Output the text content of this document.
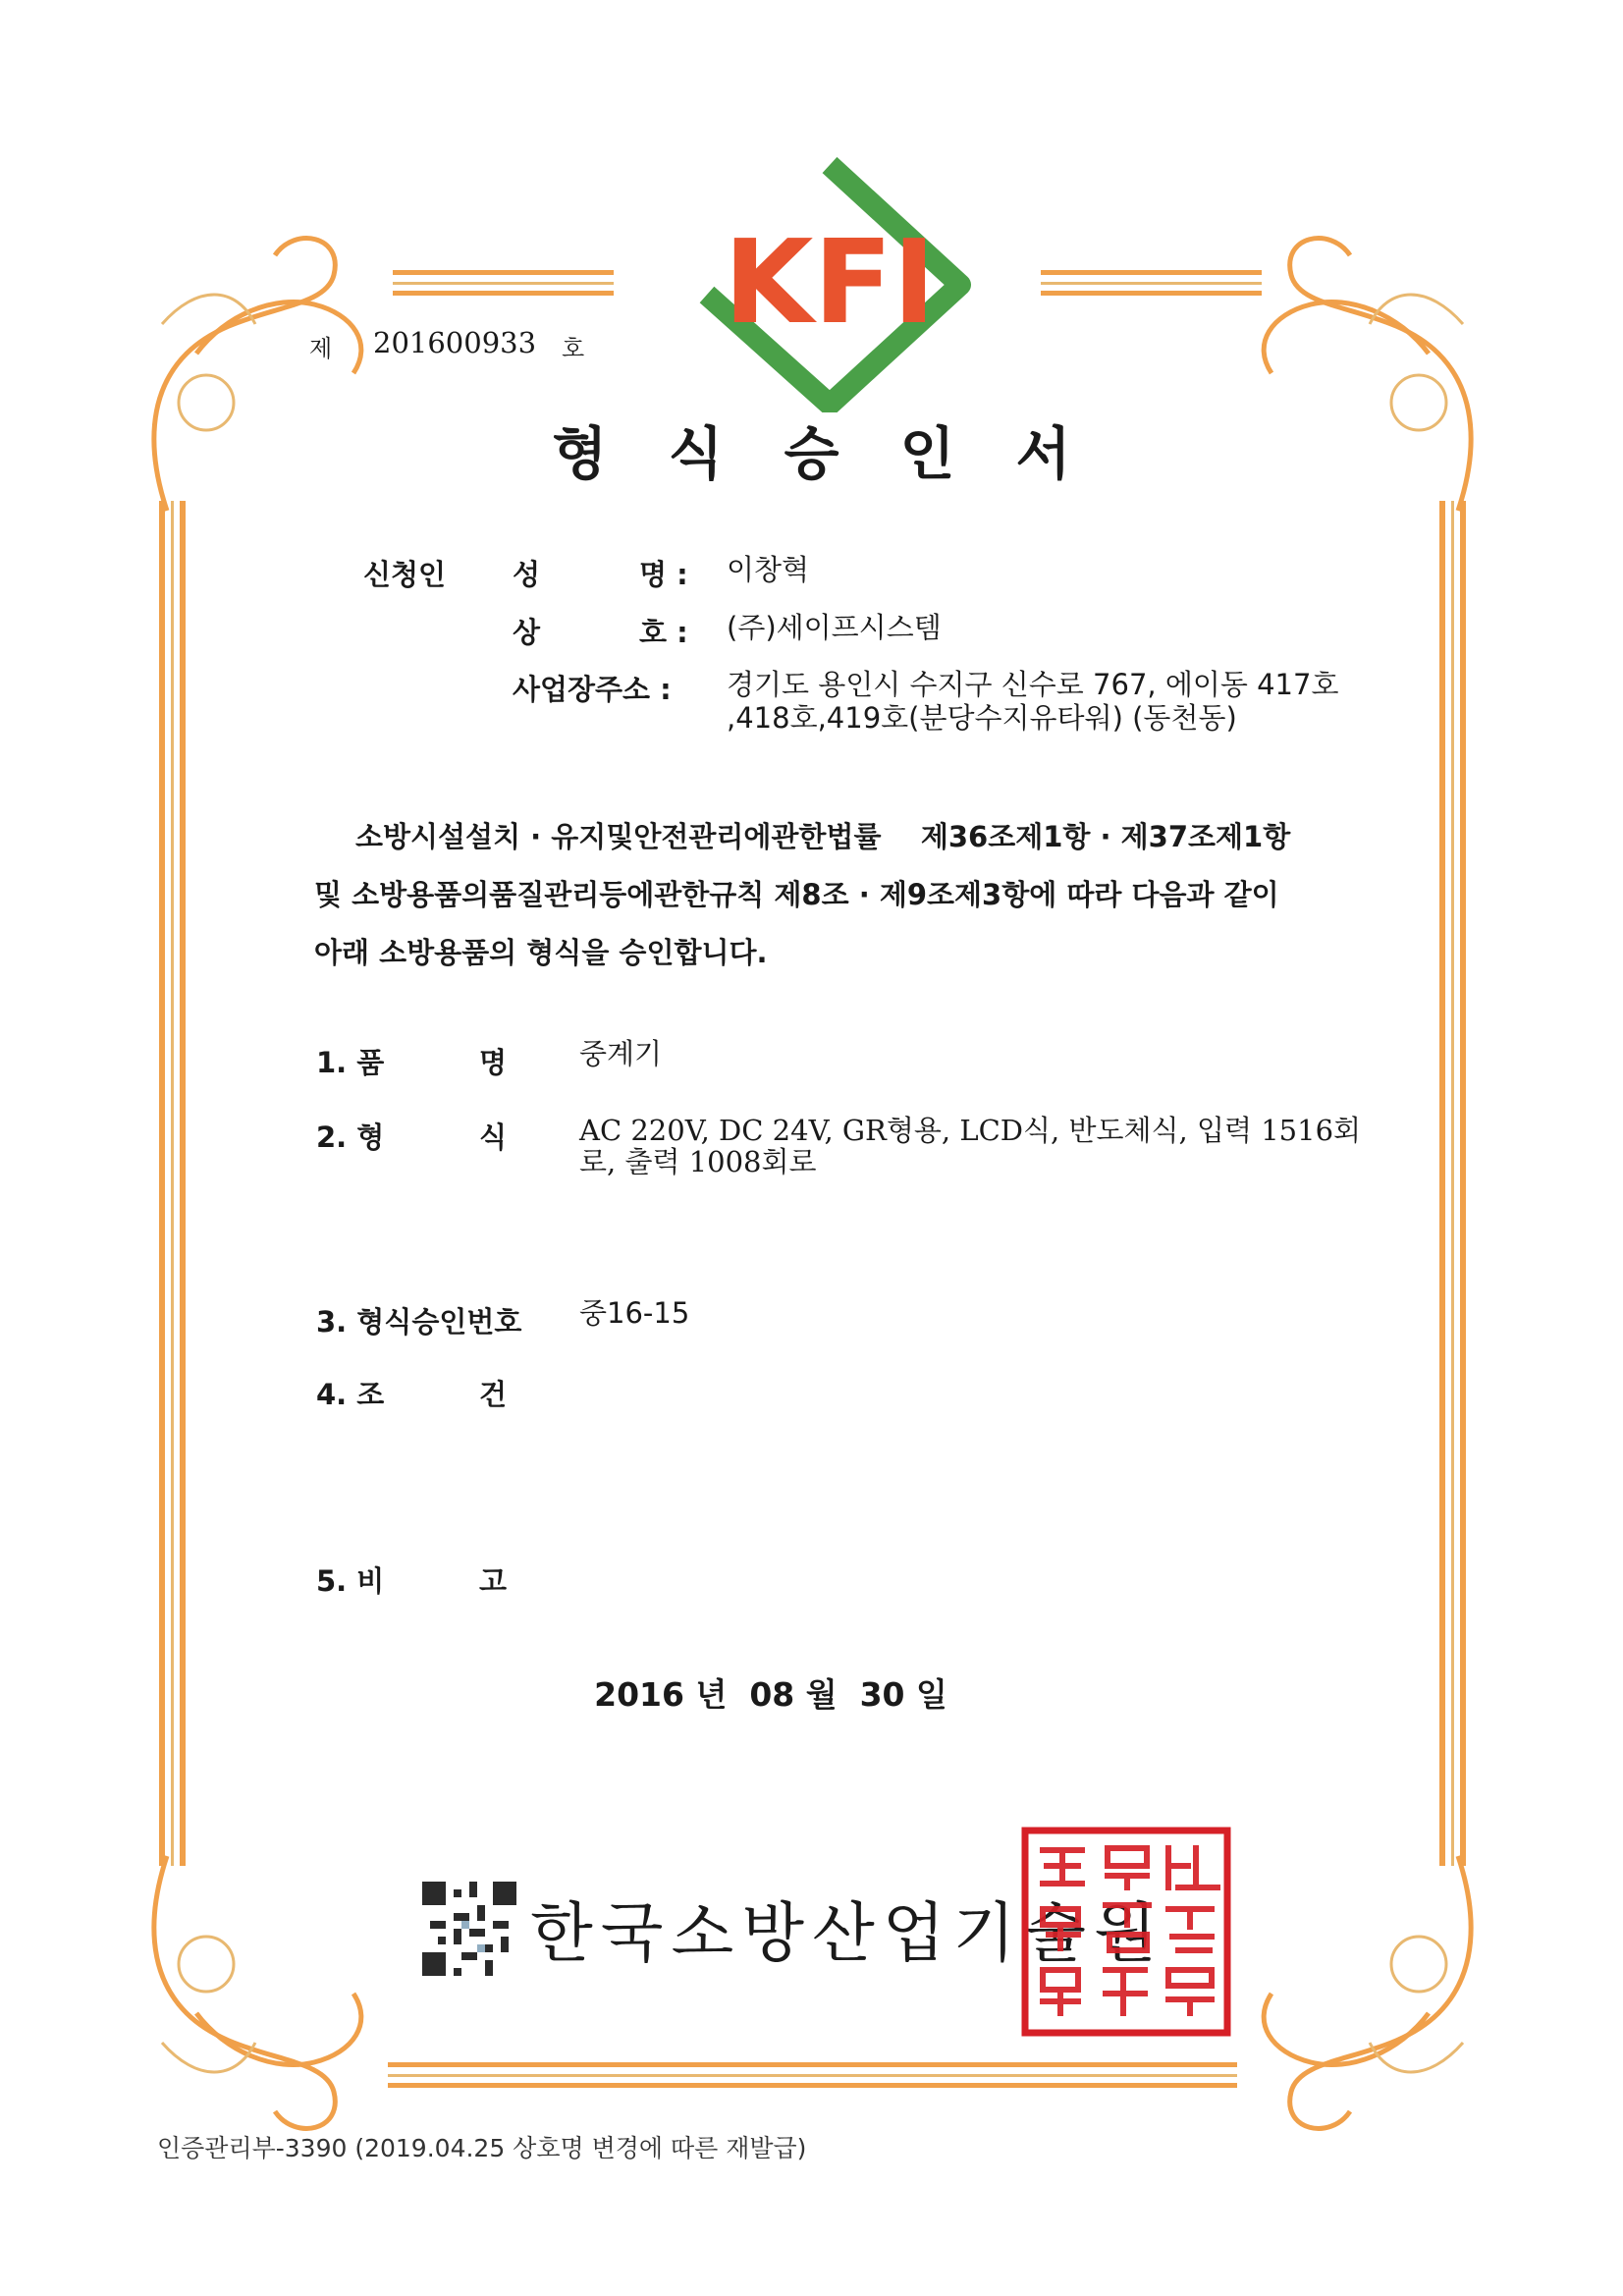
KFI
제 201600933 호
형식승인서
신청인 성          명 : 이창혁
상          호 : (주)세이프시스템
사업장주소 : 경기도 용인시 수지구 신수로 767, 에이동 417호
,418호,419호(분당수지유타워) (동천동)
소방시설설치 · 유지및안전관리에관한법률    제36조제1항 · 제37조제1항
및 소방용품의품질관리등에관한규칙 제8조 · 제9조제3항에 따라 다음과 같이
아래 소방용품의 형식을 승인합니다.
1. 품	명	중계기
2. 형	식	AC 220V, DC 24V, GR형용, LCD식, 반도체식, 입력 1516회
로, 출력 1008회로
3. 형식승인번호 중16-15
4. 조	건
5. 비	고
2016 년  08 월  30 일
한국소방산업기술원
인증관리부-3390 (2019.04.25 상호명 변경에 따른 재발급)
